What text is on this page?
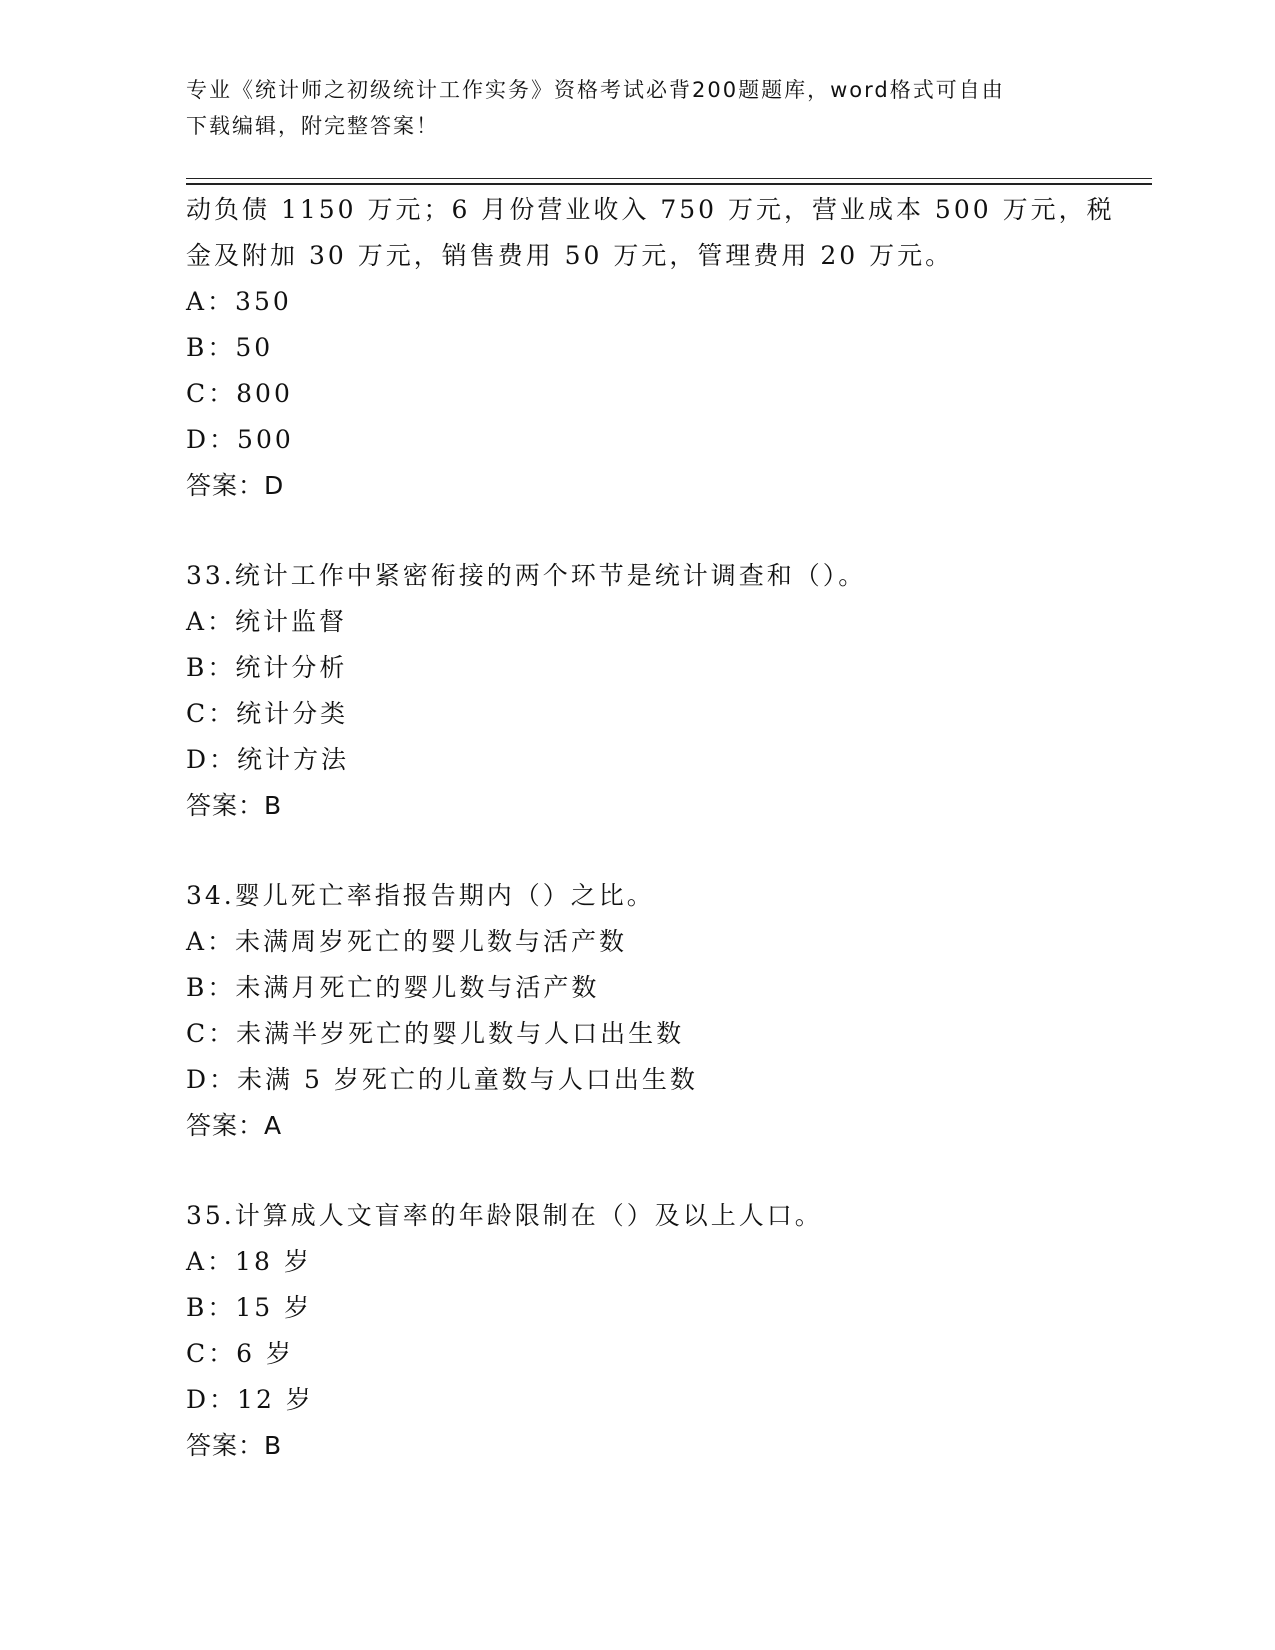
专业《统计师之初级统计工作实务》资格考试必背200题题库，word格式可自由
下载编辑，附完整答案！
动负债 1150 万元；6 月份营业收入 750 万元，营业成本 500 万元，税
金及附加 30 万元，销售费用 50 万元，管理费用 20 万元。
A：350
B：50
C：800
D：500
答案：D
33.统计工作中紧密衔接的两个环节是统计调查和（）。
A：统计监督
B：统计分析
C：统计分类
D：统计方法
答案：B
34.婴儿死亡率指报告期内（）之比。
A：未满周岁死亡的婴儿数与活产数
B：未满月死亡的婴儿数与活产数
C：未满半岁死亡的婴儿数与人口出生数
D：未满 5 岁死亡的儿童数与人口出生数
答案：A
35.计算成人文盲率的年龄限制在（）及以上人口。
A：18 岁
B：15 岁
C：6 岁
D：12 岁
答案：B
